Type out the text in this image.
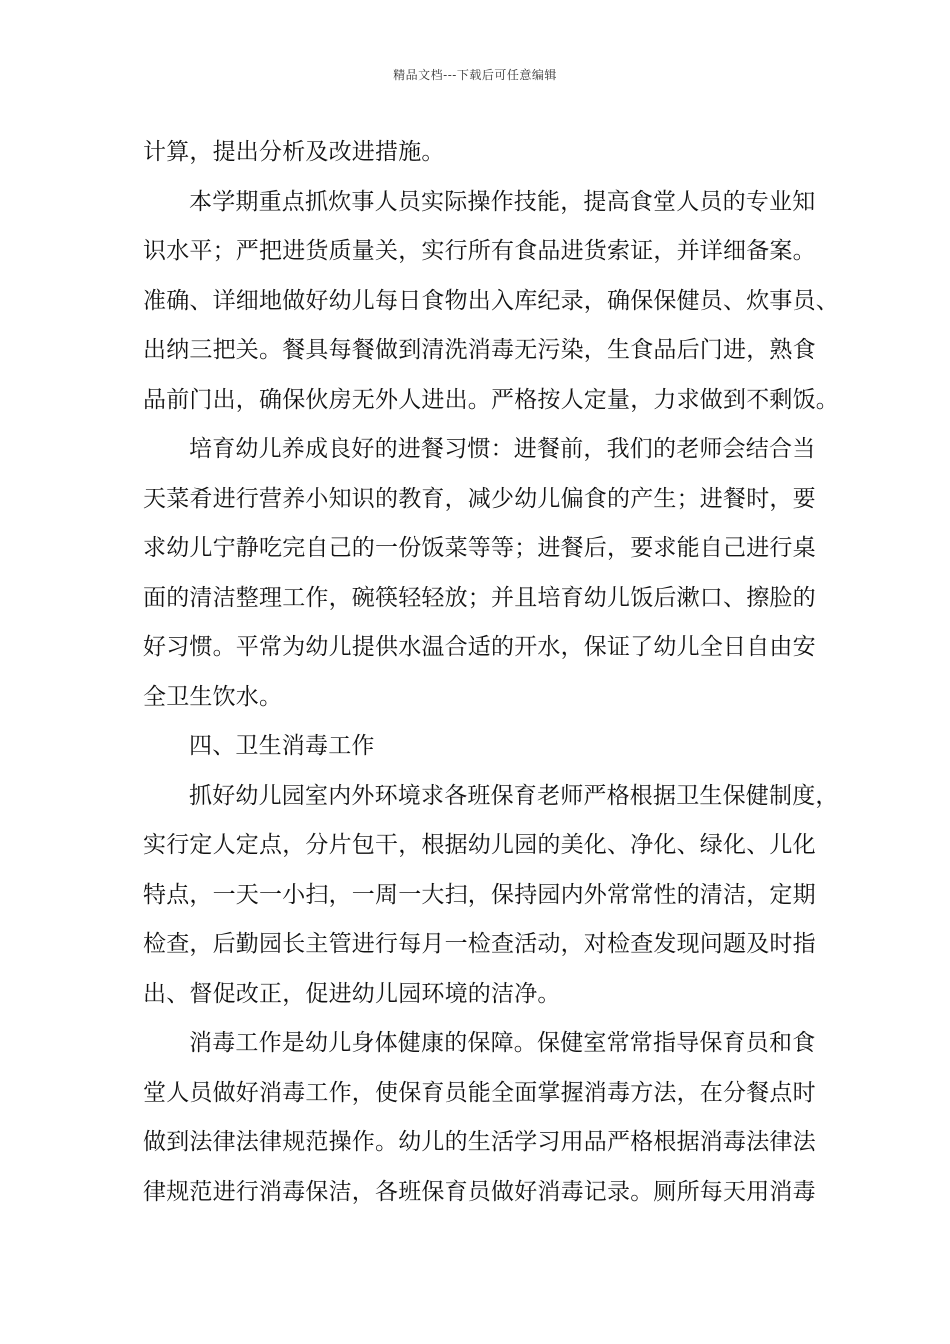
精品文档---下载后可任意编辑
计算，提出分析及改进措施。
本学期重点抓炊事人员实际操作技能，提高食堂人员的专业知
识水平；严把进货质量关，实行所有食品进货索证，并详细备案。
准确、详细地做好幼儿每日食物出入库纪录，确保保健员、炊事员、
出纳三把关。餐具每餐做到清洗消毒无污染，生食品后门进，熟食
品前门出，确保伙房无外人进出。严格按人定量，力求做到不剩饭。
培育幼儿养成良好的进餐习惯：进餐前，我们的老师会结合当
天菜肴进行营养小知识的教育，减少幼儿偏食的产生；进餐时，要
求幼儿宁静吃完自己的一份饭菜等等；进餐后，要求能自己进行桌
面的清洁整理工作，碗筷轻轻放；并且培育幼儿饭后漱口、擦脸的
好习惯。平常为幼儿提供水温合适的开水，保证了幼儿全日自由安
全卫生饮水。
四、卫生消毒工作
抓好幼儿园室内外环境求各班保育老师严格根据卫生保健制度，
实行定人定点，分片包干，根据幼儿园的美化、净化、绿化、儿化
特点，一天一小扫，一周一大扫，保持园内外常常性的清洁，定期
检查，后勤园长主管进行每月一检查活动，对检查发现问题及时指
出、督促改正，促进幼儿园环境的洁净。
消毒工作是幼儿身体健康的保障。保健室常常指导保育员和食
堂人员做好消毒工作，使保育员能全面掌握消毒方法，在分餐点时
做到法律法律规范操作。幼儿的生活学习用品严格根据消毒法律法
律规范进行消毒保洁，各班保育员做好消毒记录。厕所每天用消毒
